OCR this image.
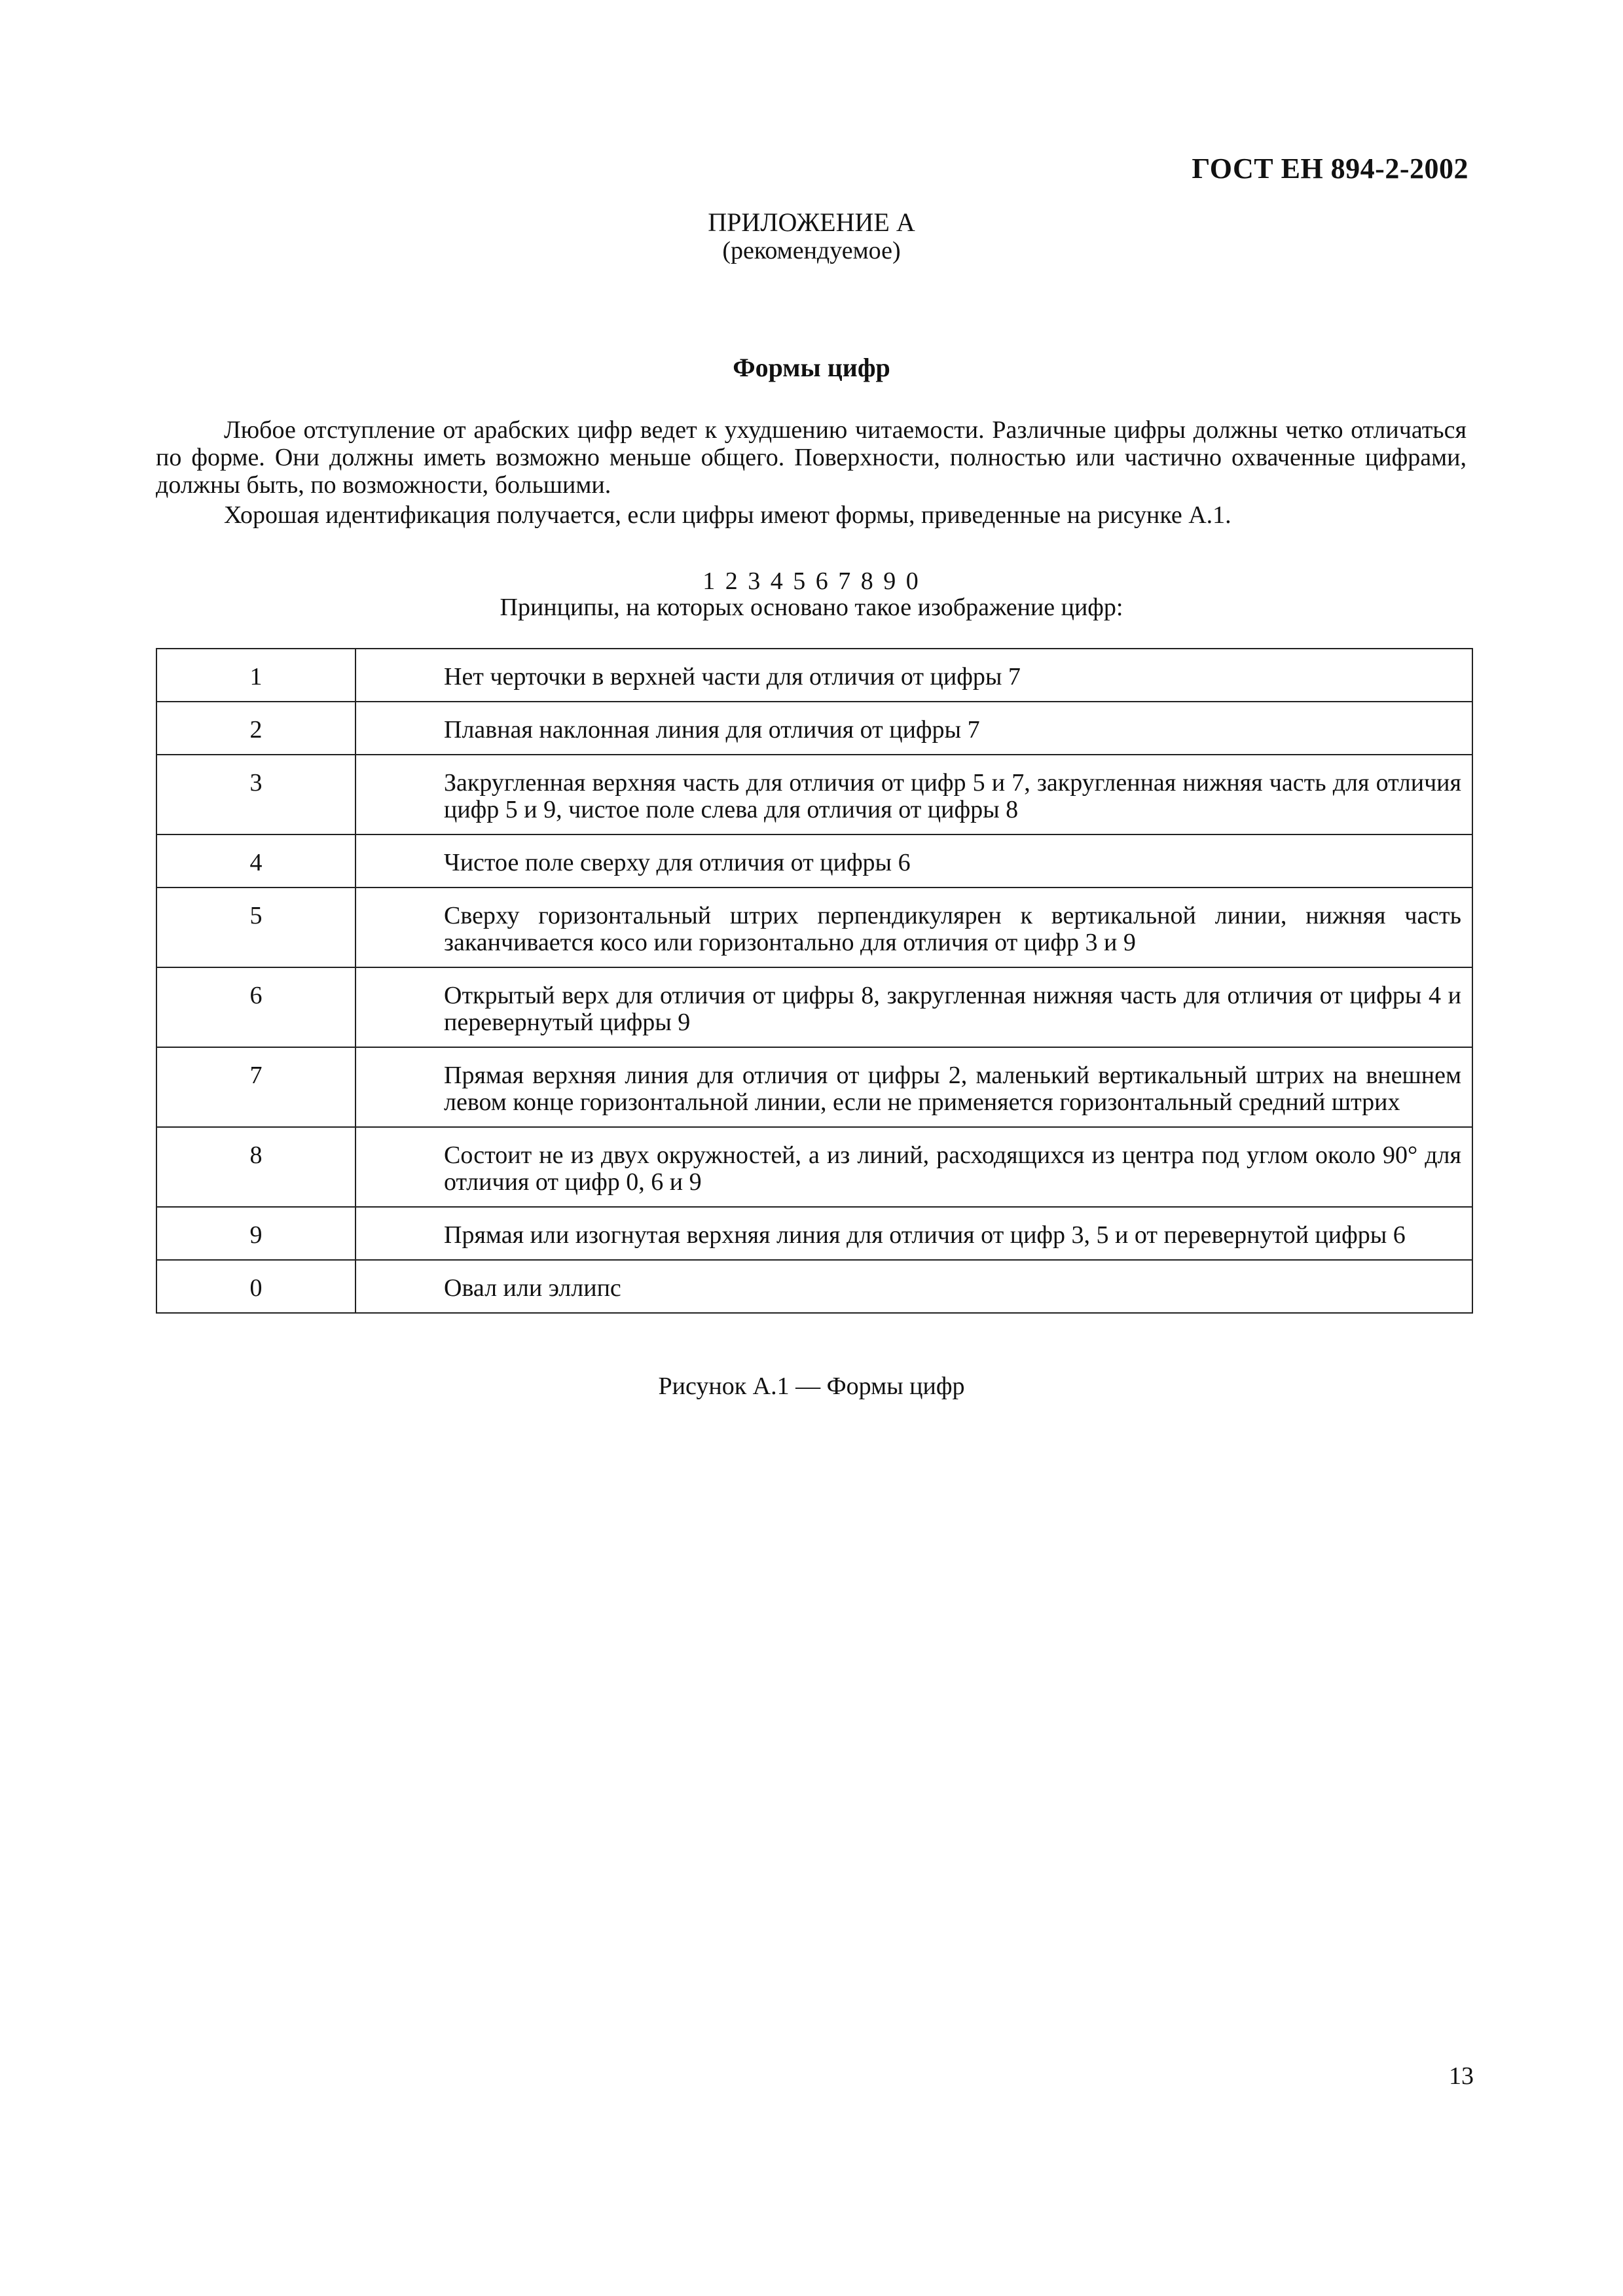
ГОСТ ЕН 894-2-2002
ПРИЛОЖЕНИЕ А
(рекомендуемое)
Формы цифр

Любое отступление от арабских цифр ведет к ухудшению читаемости. Различные цифры должны четко отличаться по форме. Они должны иметь возможно меньше общего. Поверхности, полностью или частично охваченные цифрами, должны быть, по возможности, большими.

Хорошая идентификация получается, если цифры имеют формы, приведенные на рисунке А.1.

1 2 3 4 5 6 7 8 9 0
Принципы, на которых основано такое изображение цифр:
1	Нет черточки в верхней части для отличия от цифры 7
2	Плавная наклонная линия для отличия от цифры 7
3	Закругленная верхняя часть для отличия от цифр 5 и 7, закругленная нижняя часть для отличия цифр 5 и 9, чистое поле слева для отличия от цифры 8
4	Чистое поле сверху для отличия от цифры 6
5	Сверху горизонтальный штрих перпендикулярен к вертикальной линии, нижняя часть заканчивается косо или горизонтально для отличия от цифр 3 и 9
6	Открытый верх для отличия от цифры 8, закругленная нижняя часть для отличия от цифры 4 и перевернутый цифры 9
7	Прямая верхняя линия для отличия от цифры 2, маленький вертикальный штрих на внешнем левом конце горизонтальной линии, если не применяется горизонтальный средний штрих
8	Состоит не из двух окружностей, а из линий, расходящихся из центра под углом около 90° для отличия от цифр 0, 6 и 9
9	Прямая или изогнутая верхняя линия для отличия от цифр 3, 5 и от перевернутой цифры 6
0	Овал или эллипс
Рисунок А.1 — Формы цифр
13
